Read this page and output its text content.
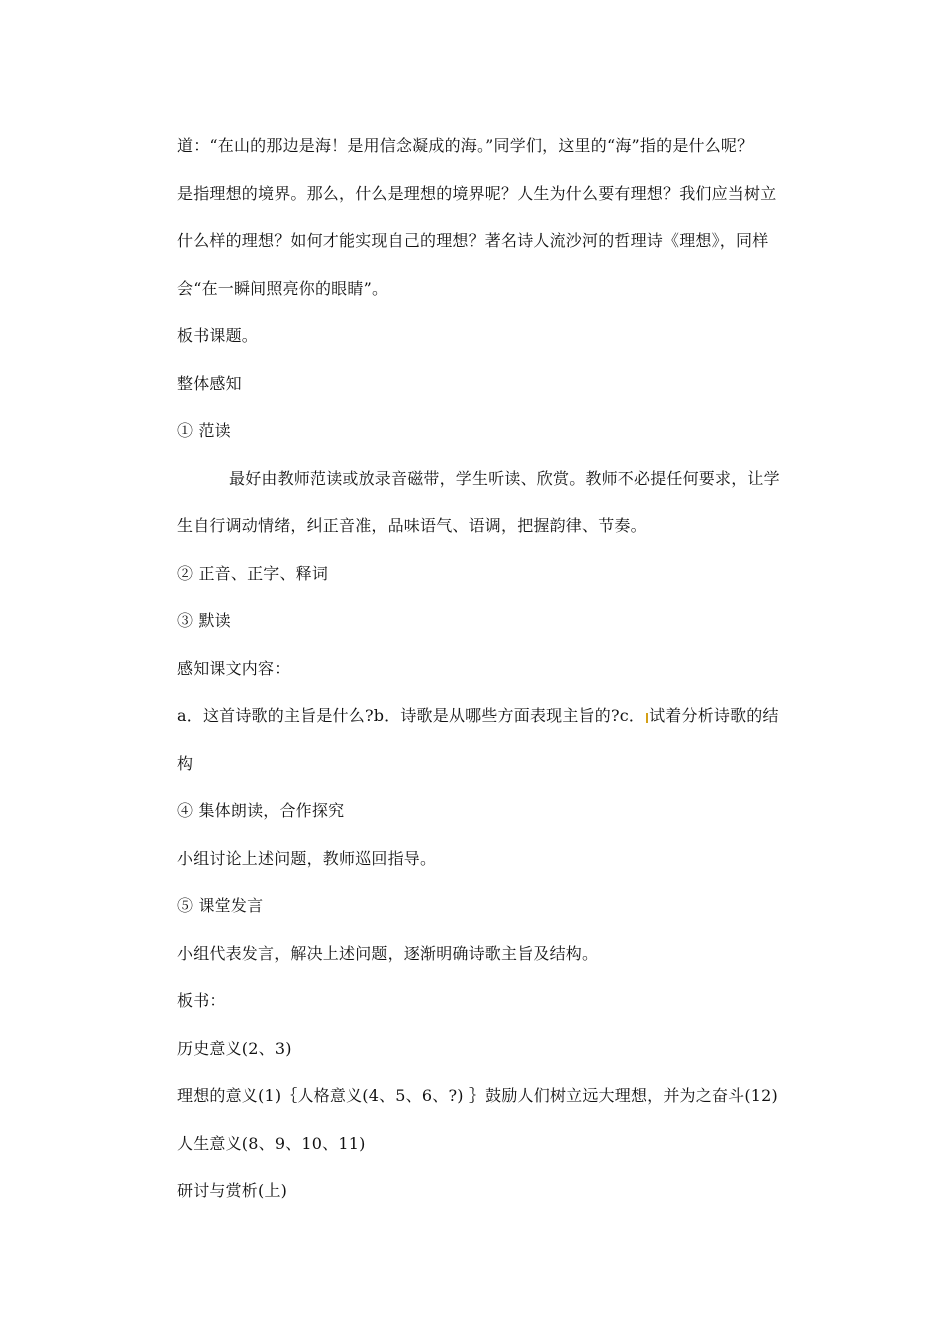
道：“在山的那边是海！是用信念凝成的海。”同学们，这里的“海”指的是什么呢？
是指理想的境界。那么，什么是理想的境界呢？人生为什么要有理想？我们应当树立
什么样的理想？如何才能实现自己的理想？著名诗人流沙河的哲理诗《理想》，同样
会“在一瞬间照亮你的眼睛”。
板书课题。
整体感知
① 范读
最好由教师范读或放录音磁带，学生听读、欣赏。教师不必提任何要求，让学
生自行调动情绪，纠正音准，品味语气、语调，把握韵律、节奏。
② 正音、正字、释词
③ 默读
感知课文内容：
a．这首诗歌的主旨是什么?b．诗歌是从哪些方面表现主旨的?c． 试着分析诗歌的结
构
④ 集体朗读，合作探究
小组讨论上述问题，教师巡回指导。
⑤ 课堂发言
小组代表发言，解决上述问题，逐渐明确诗歌主旨及结构。
板书：
历史意义(2、3)
理想的意义(1)｛人格意义(4、5、6、?) ｝鼓励人们树立远大理想，并为之奋斗(12)
人生意义(8、9、10、11)
研讨与赏析(上)
